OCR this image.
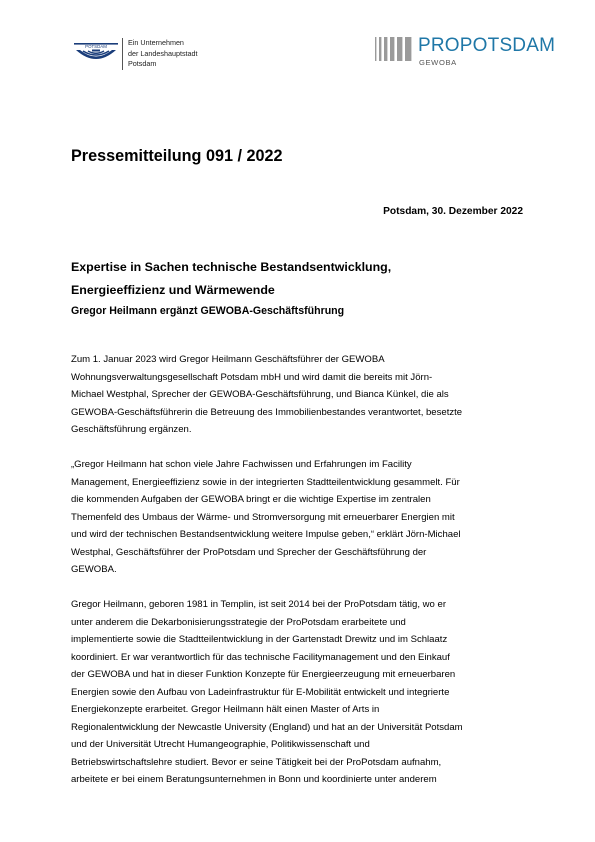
POTSDAM	Ein Unternehmen
der Landeshauptstadt
Potsdam
PROPOTSDAM
GEWOBA
Pressemitteilung 091 / 2022
Potsdam, 30. Dezember 2022
Expertise in Sachen technische Bestandsentwicklung,
Energieeffizienz und Wärmewende
Gregor Heilmann ergänzt GEWOBA-Geschäftsführung

Zum 1. Januar 2023 wird Gregor Heilmann Geschäftsführer der GEWOBA
Wohnungsverwaltungsgesellschaft Potsdam mbH und wird damit die bereits mit Jörn-
Michael Westphal, Sprecher der GEWOBA-Geschäftsführung, und Bianca Künkel, die als
GEWOBA-Geschäftsführerin die Betreuung des Immobilienbestandes verantwortet, besetzte
Geschäftsführung ergänzen.

„Gregor Heilmann hat schon viele Jahre Fachwissen und Erfahrungen im Facility
Management, Energieeffizienz sowie in der integrierten Stadtteilentwicklung gesammelt. Für
die kommenden Aufgaben der GEWOBA bringt er die wichtige Expertise im zentralen
Themenfeld des Umbaus der Wärme- und Stromversorgung mit erneuerbarer Energien mit
und wird der technischen Bestandsentwicklung weitere Impulse geben,“ erklärt Jörn-Michael
Westphal, Geschäftsführer der ProPotsdam und Sprecher der Geschäftsführung der
GEWOBA.

Gregor Heilmann, geboren 1981 in Templin, ist seit 2014 bei der ProPotsdam tätig, wo er
unter anderem die Dekarbonisierungsstrategie der ProPotsdam erarbeitete und
implementierte sowie die Stadtteilentwicklung in der Gartenstadt Drewitz und im Schlaatz
koordiniert. Er war verantwortlich für das technische Facilitymanagement und den Einkauf
der GEWOBA und hat in dieser Funktion Konzepte für Energieerzeugung mit erneuerbaren
Energien sowie den Aufbau von Ladeinfrastruktur für E-Mobilität entwickelt und integrierte
Energiekonzepte erarbeitet. Gregor Heilmann hält einen Master of Arts in
Regionalentwicklung der Newcastle University (England) und hat an der Universität Potsdam
und der Universität Utrecht Humangeographie, Politikwissenschaft und
Betriebswirtschaftslehre studiert. Bevor er seine Tätigkeit bei der ProPotsdam aufnahm,
arbeitete er bei einem Beratungsunternehmen in Bonn und koordinierte unter anderem
